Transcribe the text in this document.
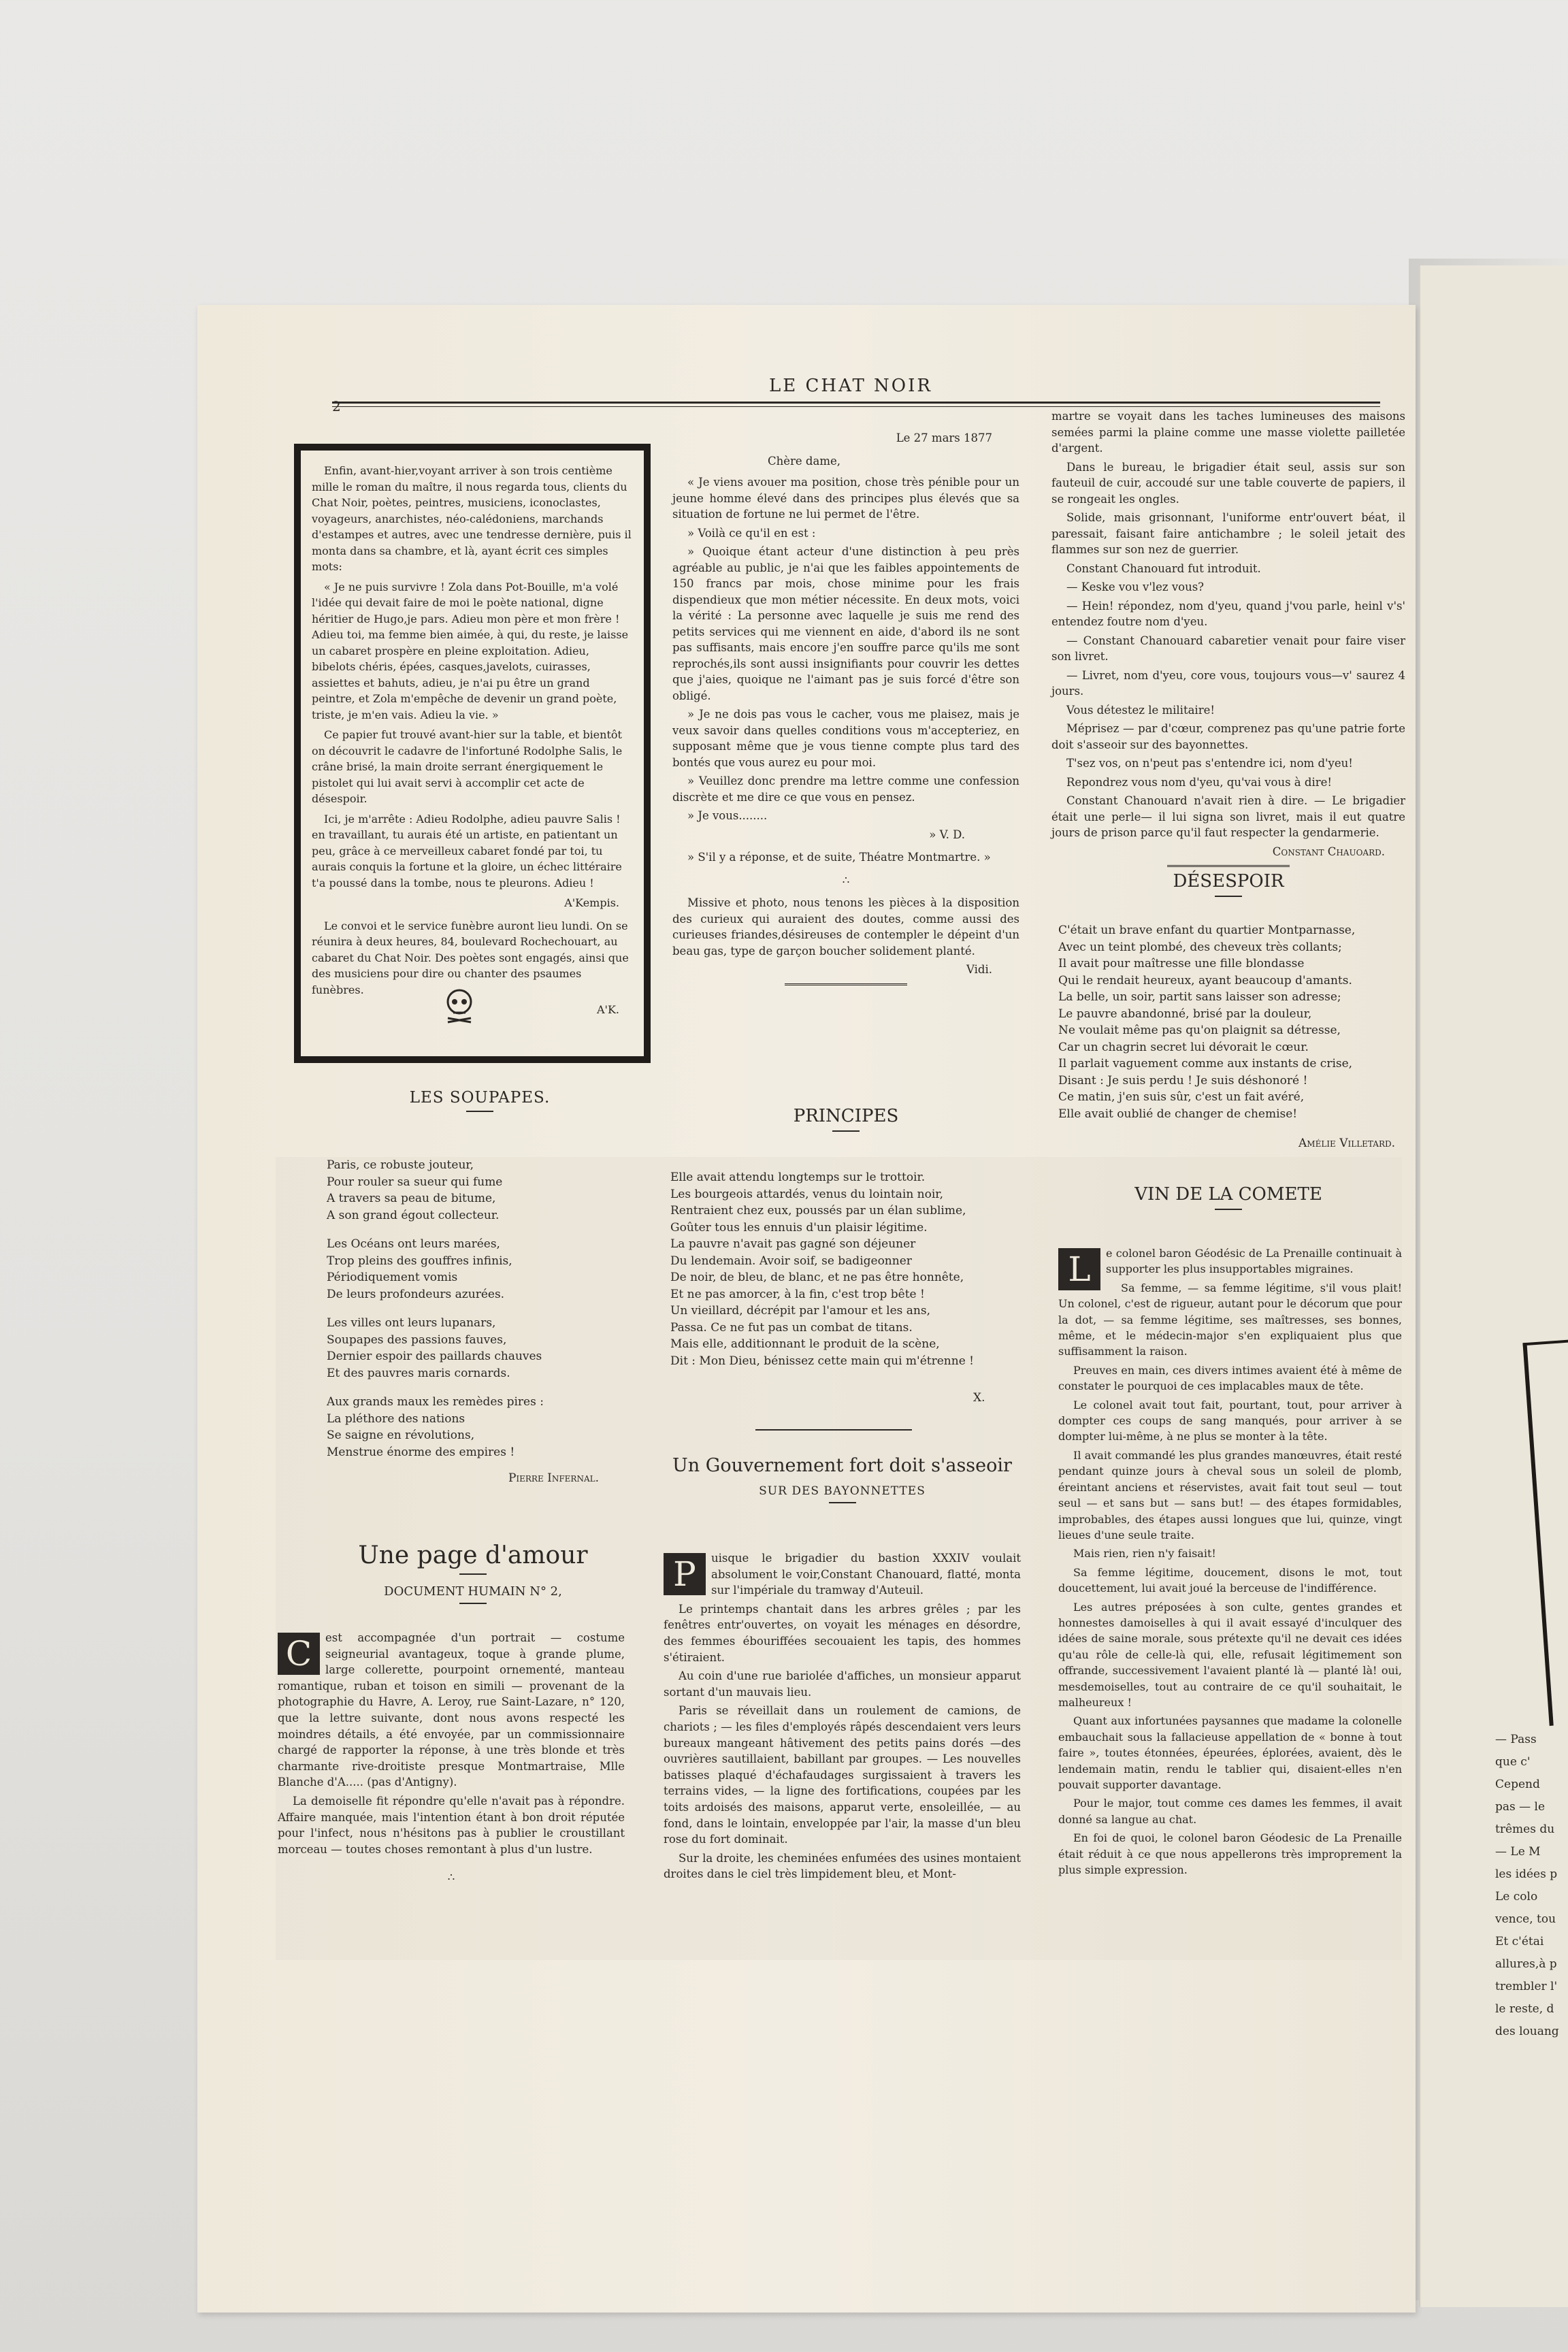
— Pass
que c'
Cepend
pas — le
trêmes du
— Le M
les idées p
Le colo
vence, tou
Et c'étai
allures,à p
trembler l'
le reste, d
des louang
2
LE CHAT NOIR

Enfin, avant-hier,voyant arriver à son trois centième mille le roman du maître, il nous regarda tous, clients du Chat Noir, poètes, peintres, musiciens, iconoclastes, voyageurs, anarchistes, néo-calédoniens, marchands d'estampes et autres, avec une tendresse dernière, puis il monta dans sa chambre, et là, ayant écrit ces simples mots:

« Je ne puis survivre ! Zola dans Pot-Bouille, m'a volé l'idée qui devait faire de moi le poète national, digne héritier de Hugo,je pars. Adieu mon père et mon frère ! Adieu toi, ma femme bien aimée, à qui, du reste, je laisse un cabaret prospère en pleine exploitation. Adieu, bibelots chéris, épées, casques,javelots, cuirasses, assiettes et bahuts, adieu, je n'ai pu être un grand peintre, et Zola m'empêche de devenir un grand poète, triste, je m'en vais. Adieu la vie. »

Ce papier fut trouvé avant-hier sur la table, et bientôt on découvrit le cadavre de l'infortuné Rodolphe Salis, le crâne brisé, la main droite serrant énergiquement le pistolet qui lui avait servi à accomplir cet acte de désespoir.

Ici, je m'arrête : Adieu Rodolphe, adieu pauvre Salis ! en travaillant, tu aurais été un artiste, en patientant un peu, grâce à ce merveilleux cabaret fondé par toi, tu aurais conquis la fortune et la gloire, un échec littéraire t'a poussé dans la tombe, nous te pleurons. Adieu !

A'Kempis.

Le convoi et le service funèbre auront lieu lundi. On se réunira à deux heures, 84, boulevard Rochechouart, au cabaret du Chat Noir. Des poètes sont engagés, ainsi que des musiciens pour dire ou chanter des psaumes funèbres.

A'K.
LES SOUPAPES.
Paris, ce robuste jouteur,
Pour rouler sa sueur qui fume
A travers sa peau de bitume,
A son grand égout collecteur.
Les Océans ont leurs marées,
Trop pleins des gouffres infinis,
Périodiquement vomis
De leurs profondeurs azurées.
Les villes ont leurs lupanars,
Soupapes des passions fauves,
Dernier espoir des paillards chauves
Et des pauvres maris cornards.
Aux grands maux les remèdes pires :
La pléthore des nations
Se saigne en révolutions,
Menstrue énorme des empires !
Pierre Infernal.
Une page d'amour
DOCUMENT HUMAIN N° 2,
C	est accompagnée d'un portrait — costume seigneurial avantageux, toque à grande plume, large collerette, pourpoint ornementé, manteau romantique, ruban et toison en simili — provenant de la photographie du Havre, A. Leroy, rue Saint-Lazare, n° 120, que la lettre suivante, dont nous avons respecté les moindres détails, a été envoyée, par un commissionnaire chargé de rapporter la réponse, à une très blonde et très charmante rive-droitiste presque Montmartraise, Mlle Blanche d'A..... (pas d'Antigny).

La demoiselle fit répondre qu'elle n'avait pas à répondre. Affaire manquée, mais l'intention étant à bon droit réputée pour l'infect, nous n'hésitons pas à publier le croustillant morceau — toutes choses remontant à plus d'un lustre.

∴
Le 27 mars 1877
Chère dame,

« Je viens avouer ma position, chose très pénible pour un jeune homme élevé dans des principes plus élevés que sa situation de fortune ne lui permet de l'être.

» Voilà ce qu'il en est :

» Quoique étant acteur d'une distinction à peu près agréable au public, je n'ai que les faibles appointements de 150 francs par mois, chose minime pour les frais dispendieux que mon métier nécessite. En deux mots, voici la vérité : La personne avec laquelle je suis me rend des petits services qui me viennent en aide, d'abord ils ne sont pas suffisants, mais encore j'en souffre parce qu'ils me sont reprochés,ils sont aussi insignifiants pour couvrir les dettes que j'aies, quoique ne l'aimant pas je suis forcé d'être son obligé.

» Je ne dois pas vous le cacher, vous me plaisez, mais je veux savoir dans quelles conditions vous m'accepteriez, en supposant même que je vous tienne compte plus tard des bontés que vous aurez eu pour moi.

» Veuillez donc prendre ma lettre comme une confession discrète et me dire ce que vous en pensez.

» Je vous........

» V. D.

» S'il y a réponse, et de suite, Théatre Montmartre. »

∴

Missive et photo, nous tenons les pièces à la disposition des curieux qui auraient des doutes, comme aussi des curieuses friandes,désireuses de contempler le dépeint d'un beau gas, type de garçon boucher solidement planté.

Vidi.
PRINCIPES
Elle avait attendu longtemps sur le trottoir.
Les bourgeois attardés, venus du lointain noir,
Rentraient chez eux, poussés par un élan sublime,
Goûter tous les ennuis d'un plaisir légitime.
La pauvre n'avait pas gagné son déjeuner
Du lendemain. Avoir soif, se badigeonner
De noir, de bleu, de blanc, et ne pas être honnête,
Et ne pas amorcer, à la fin, c'est trop bête !
Un vieillard, décrépit par l'amour et les ans,
Passa. Ce ne fut pas un combat de titans.
Mais elle, additionnant le produit de la scène,
Dit : Mon Dieu, bénissez cette main qui m'étrenne !
X.
Un Gouvernement fort doit s'asseoir
SUR DES BAYONNETTES
P	uisque le brigadier du bastion XXXIV voulait absolument le voir,Constant Chanouard, flatté, monta sur l'impériale du tramway d'Auteuil.

Le printemps chantait dans les arbres grêles ; par les fenêtres entr'ouvertes, on voyait les ménages en désordre, des femmes ébouriffées secouaient les tapis, des hommes s'étiraient.

Au coin d'une rue bariolée d'affiches, un monsieur apparut sortant d'un mauvais lieu.

Paris se réveillait dans un roulement de camions, de chariots ; — les files d'employés râpés descendaient vers leurs bureaux mangeant hâtivement des petits pains dorés —des ouvrières sautillaient, babillant par groupes. — Les nouvelles batisses plaqué d'échafaudages surgissaient à travers les terrains vides, — la ligne des fortifications, coupées par les toits ardoisés des maisons, apparut verte, ensoleillée, — au fond, dans le lointain, enveloppée par l'air, la masse d'un bleu rose du fort dominait.

Sur la droite, les cheminées enfumées des usines montaient droites dans le ciel très limpidement bleu, et Mont-

martre se voyait dans les taches lumineuses des maisons semées parmi la plaine comme une masse violette pailletée d'argent.

Dans le bureau, le brigadier était seul, assis sur son fauteuil de cuir, accoudé sur une table couverte de papiers, il se rongeait les ongles.

Solide, mais grisonnant, l'uniforme entr'ouvert béat, il paressait, faisant faire antichambre ; le soleil jetait des flammes sur son nez de guerrier.

Constant Chanouard fut introduit.

— Keske vou v'lez vous?

— Hein! répondez, nom d'yeu, quand j'vou parle, heinl v's' entendez foutre nom d'yeu.

— Constant Chanouard cabaretier venait pour faire viser son livret.

— Livret, nom d'yeu, core vous, toujours vous—v' saurez 4 jours.

Vous détestez le militaire!

Méprisez — par d'cœur, comprenez pas qu'une patrie forte doit s'asseoir sur des bayonnettes.

T'sez vos, on n'peut pas s'entendre ici, nom d'yeu!

Repondrez vous nom d'yeu, qu'vai vous à dire!

Constant Chanouard n'avait rien à dire. — Le brigadier était une perle— il lui signa son livret, mais il eut quatre jours de prison parce qu'il faut respecter la gendarmerie.

Constant Chauoard.
DÉSESPOIR
C'était un brave enfant du quartier Montparnasse,
Avec un teint plombé, des cheveux très collants;
Il avait pour maîtresse une fille blondasse
Qui le rendait heureux, ayant beaucoup d'amants.
La belle, un soir, partit sans laisser son adresse;
Le pauvre abandonné, brisé par la douleur,
Ne voulait même pas qu'on plaignit sa détresse,
Car un chagrin secret lui dévorait le cœur.
Il parlait vaguement comme aux instants de crise,
Disant : Je suis perdu ! Je suis déshonoré !
Ce matin, j'en suis sûr, c'est un fait avéré,
Elle avait oublié de changer de chemise!
Amélie Villetard.
VIN DE LA COMETE
L	e colonel baron Géodésic de La Prenaille continuait à supporter les plus insupportables migraines.

Sa femme, — sa femme légitime, s'il vous plait! Un colonel, c'est de rigueur, autant pour le décorum que pour la dot, — sa femme légitime, ses maîtresses, ses bonnes, même, et le médecin-major s'en expliquaient plus que suffisamment la raison.

Preuves en main, ces divers intimes avaient été à même de constater le pourquoi de ces implacables maux de tête.

Le colonel avait tout fait, pourtant, tout, pour arriver à dompter ces coups de sang manqués, pour arriver à se dompter lui-même, à ne plus se monter à la tête.

Il avait commandé les plus grandes manœuvres, était resté pendant quinze jours à cheval sous un soleil de plomb, éreintant anciens et réservistes, avait fait tout seul — tout seul — et sans but — sans but! — des étapes formidables, improbables, des étapes aussi longues que lui, quinze, vingt lieues d'une seule traite.

Mais rien, rien n'y faisait!

Sa femme légitime, doucement, disons le mot, tout doucettement, lui avait joué la berceuse de l'indifférence.

Les autres préposées à son culte, gentes grandes et honnestes damoiselles à qui il avait essayé d'inculquer des idées de saine morale, sous prétexte qu'il ne devait ces idées qu'au rôle de celle-là qui, elle, refusait légitimement son offrande, successivement l'avaient planté là — planté là! oui, mesdemoiselles, tout au contraire de ce qu'il souhaitait, le malheureux !

Quant aux infortunées paysannes que madame la colonelle embauchait sous la fallacieuse appellation de « bonne à tout faire », toutes étonnées, épeurées, éplorées, avaient, dès le lendemain matin, rendu le tablier qui, disaient-elles n'en pouvait supporter davantage.

Pour le major, tout comme ces dames les femmes, il avait donné sa langue au chat.

En foi de quoi, le colonel baron Géodesic de La Prenaille était réduit à ce que nous appellerons très improprement la plus simple expression.
